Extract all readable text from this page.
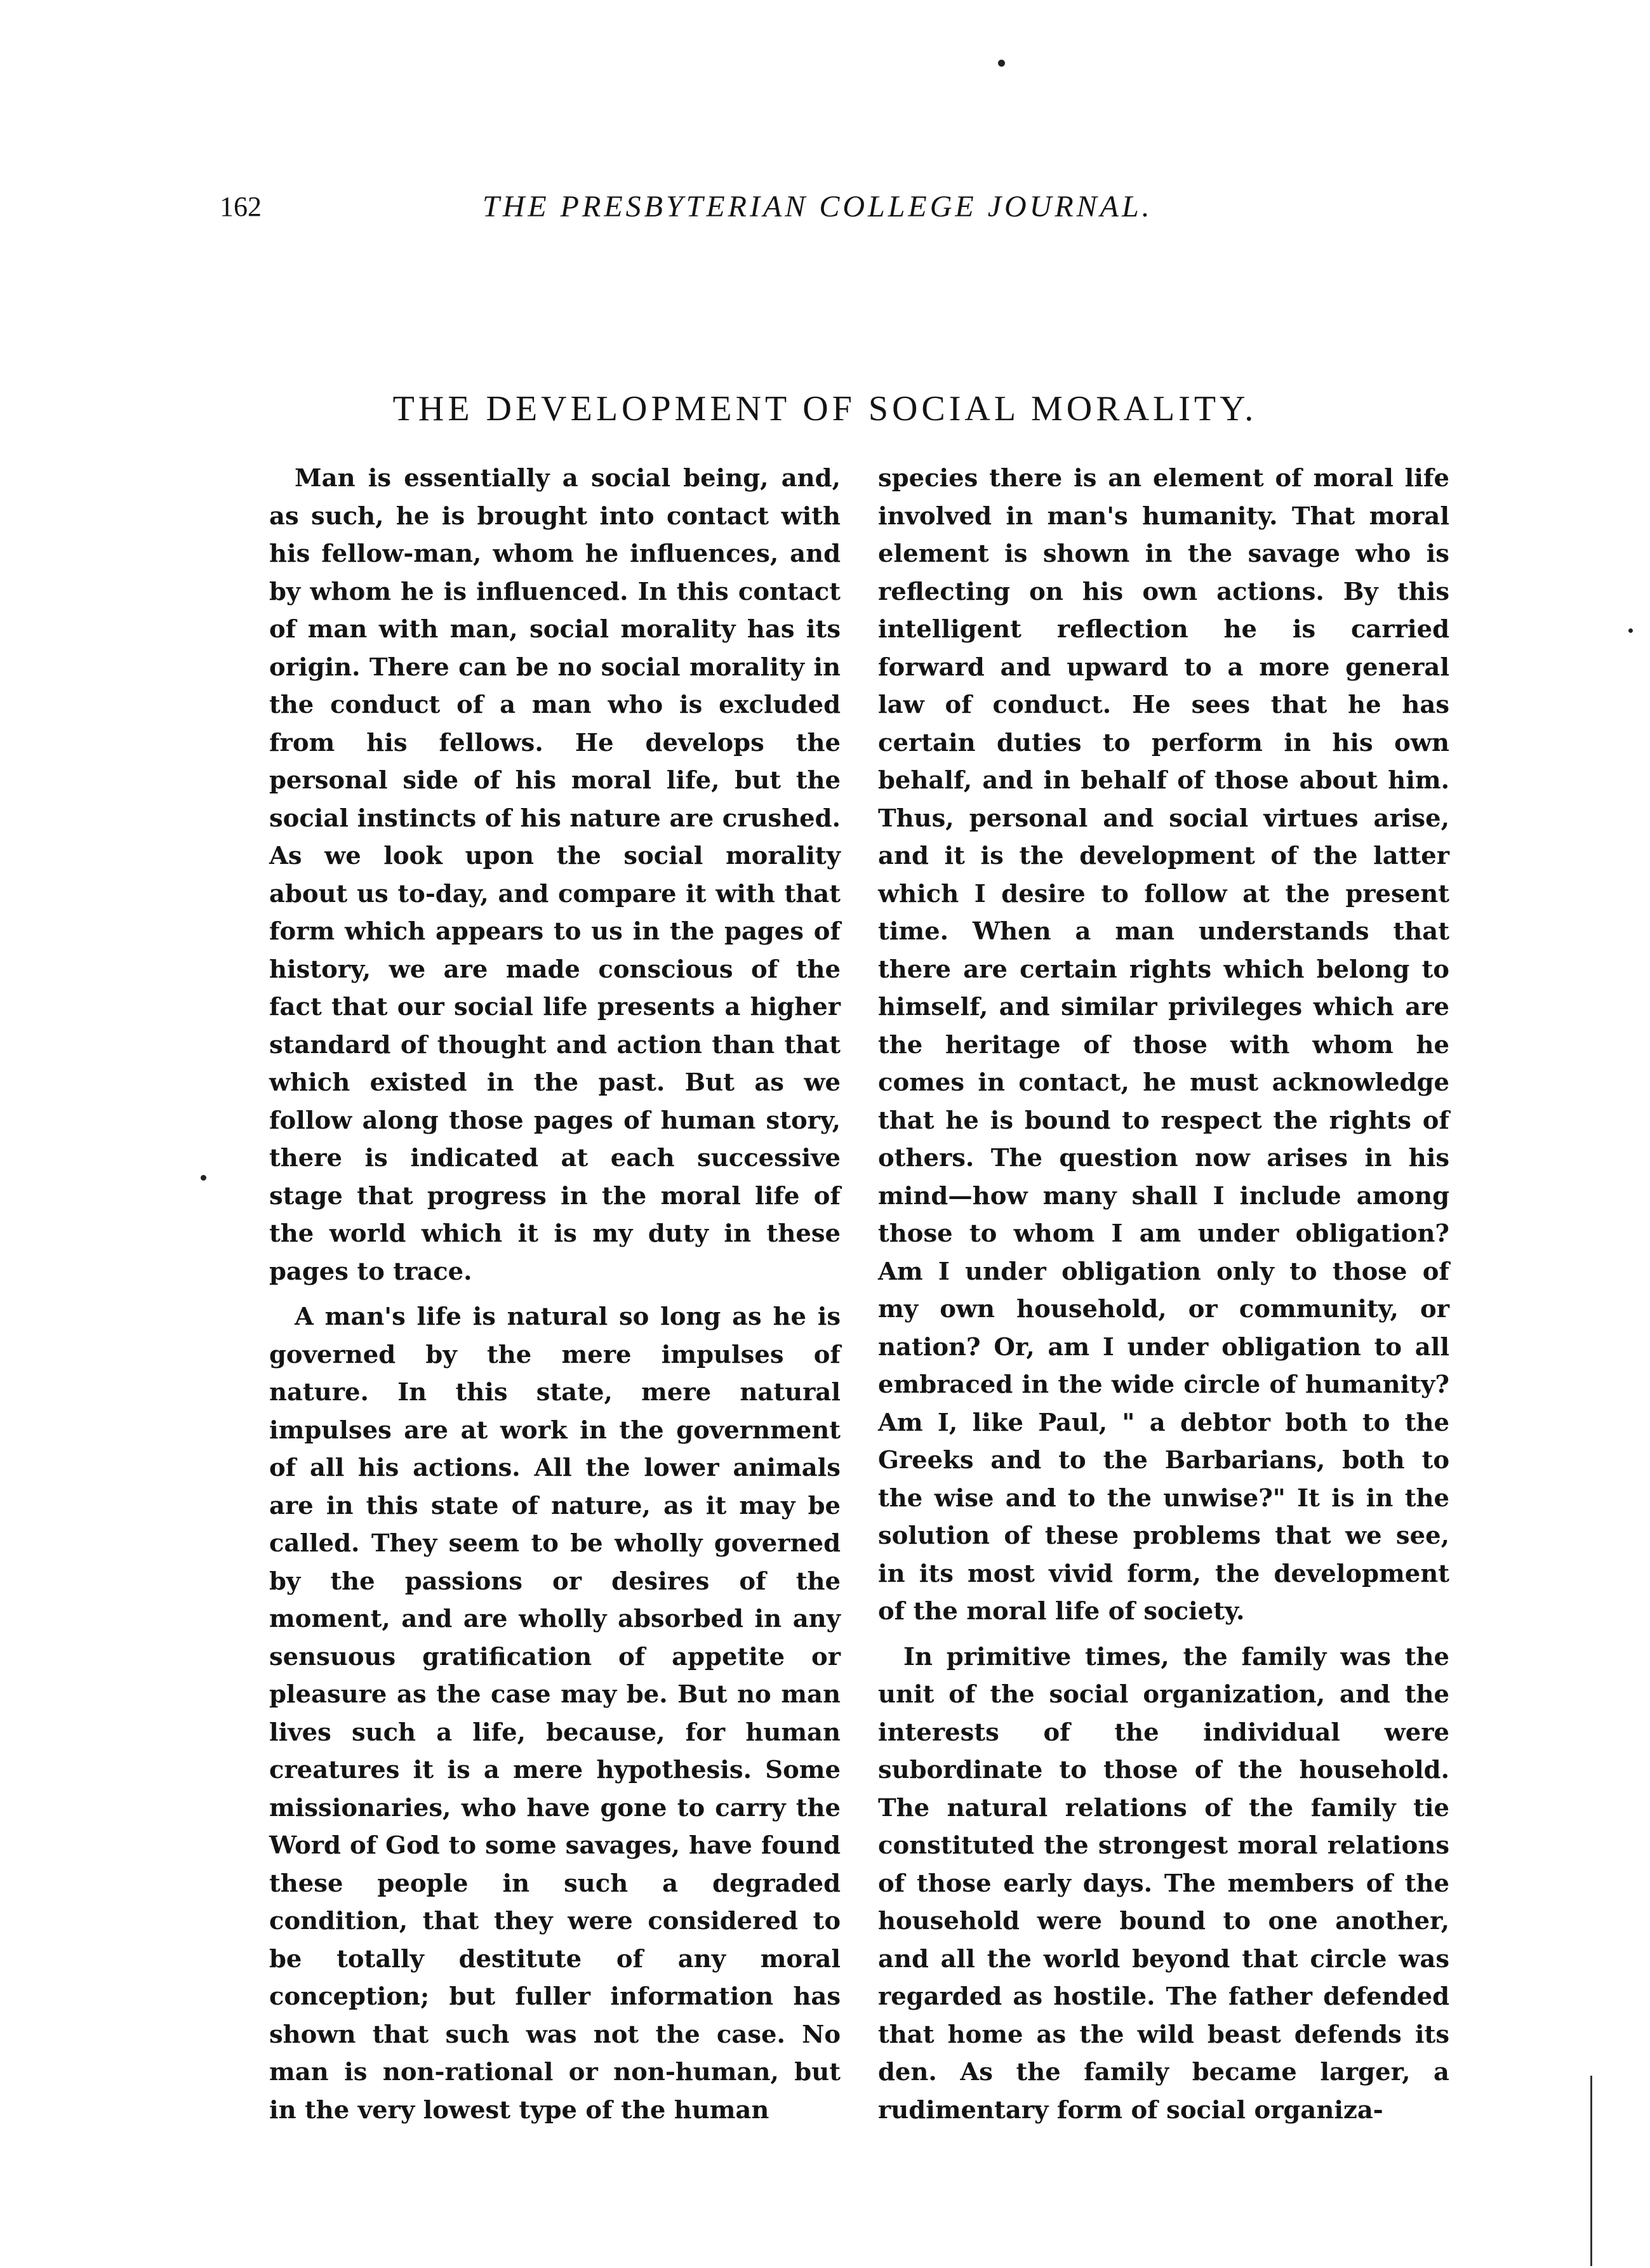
162	THE PRESBYTERIAN COLLEGE JOURNAL.
THE DEVELOPMENT OF SOCIAL MORALITY.

Man is essentially a social being, and, as such, he is brought into contact with his fellow-man, whom he influences, and by whom he is influenced. In this contact of man with man, social morality has its origin. There can be no social morality in the conduct of a man who is excluded from his fellows. He develops the personal side of his moral life, but the social instincts of his nature are crushed. As we look upon the social morality about us to-day, and compare it with that form which appears to us in the pages of history, we are made conscious of the fact that our social life presents a higher standard of thought and action than that which existed in the past. But as we follow along those pages of human story, there is indicated at each successive stage that progress in the moral life of the world which it is my duty in these pages to trace.

A man's life is natural so long as he is governed by the mere impulses of nature. In this state, mere natural impulses are at work in the government of all his actions. All the lower animals are in this state of nature, as it may be called. They seem to be wholly governed by the passions or desires of the moment, and are wholly absorbed in any sensuous gratification of appetite or pleasure as the case may be. But no man lives such a life, because, for human creatures it is a mere hypothesis. Some missionaries, who have gone to carry the Word of God to some savages, have found these people in such a degraded condition, that they were considered to be totally destitute of any moral conception; but fuller information has shown that such was not the case. No man is non-rational or non-human, but in the very lowest type of the human

species there is an element of moral life involved in man's humanity. That moral element is shown in the savage who is reflecting on his own actions. By this intelligent reflection he is carried forward and upward to a more general law of conduct. He sees that he has certain duties to perform in his own behalf, and in behalf of those about him. Thus, personal and social virtues arise, and it is the development of the latter which I desire to follow at the present time. When a man understands that there are certain rights which belong to himself, and similar privileges which are the heritage of those with whom he comes in contact, he must acknowledge that he is bound to respect the rights of others. The question now arises in his mind—how many shall I include among those to whom I am under obligation? Am I under obligation only to those of my own household, or community, or nation? Or, am I under obligation to all embraced in the wide circle of humanity? Am I, like Paul, " a debtor both to the Greeks and to the Barbarians, both to the wise and to the unwise?" It is in the solution of these problems that we see, in its most vivid form, the development of the moral life of society.

In primitive times, the family was the unit of the social organization, and the interests of the individual were subordinate to those of the household. The natural relations of the family tie constituted the strongest moral relations of those early days. The members of the household were bound to one another, and all the world beyond that circle was regarded as hostile. The father defended that home as the wild beast defends its den. As the family became larger, a rudimentary form of social organiza-
